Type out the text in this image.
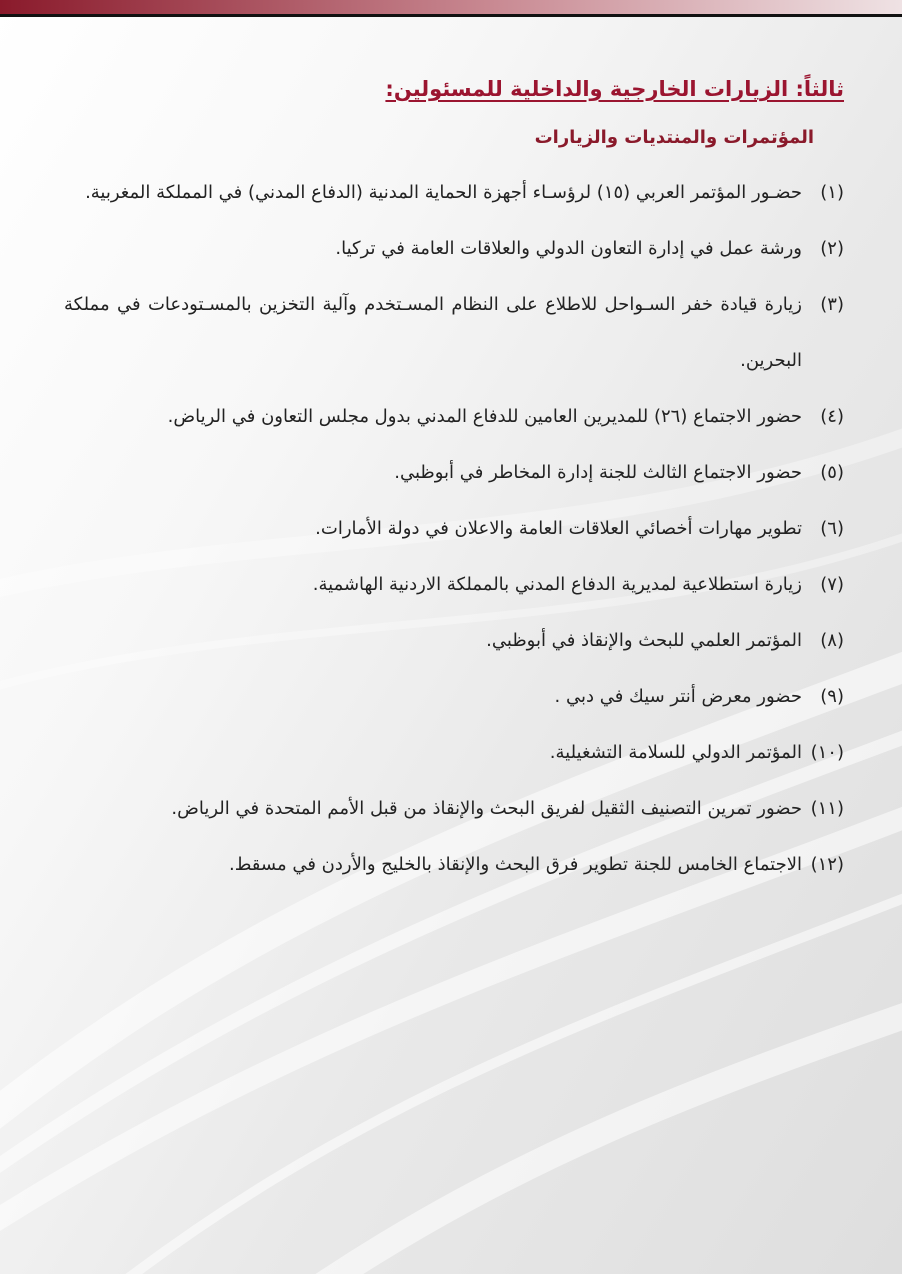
ثالثاً: الزيارات الخارجية والداخلية للمسئولين:
المؤتمرات والمنتديات والزيارات
(١)
حضـور المؤتمر العربي (١٥) لرؤسـاء أجهزة الحماية المدنية (الدفاع المدني) في المملكة المغربية.
(٢)
ورشة عمل في إدارة التعاون الدولي والعلاقات العامة في تركيا.
(٣)
زيارة قيادة خفر السـواحل للاطلاع على النظام المسـتخدم وآلية التخزين بالمسـتودعات في مملكة البحرين.
(٤)
حضور الاجتماع (٢٦) للمديرين العامين للدفاع المدني بدول مجلس التعاون في الرياض.
(٥)
حضور الاجتماع الثالث للجنة إدارة المخاطر في أبوظبي.
(٦)
تطوير مهارات أخصائي العلاقات العامة والاعلان في دولة الأمارات.
(٧)
زيارة استطلاعية لمديرية الدفاع المدني بالمملكة الاردنية الهاشمية.
(٨)
المؤتمر العلمي للبحث والإنقاذ في أبوظبي.
(٩)
حضور معرض أنتر سيك في دبي .
(١٠)
المؤتمر الدولي للسلامة التشغيلية.
(١١)
حضور تمرين التصنيف الثقيل لفريق البحث والإنقاذ من قبل الأمم المتحدة في الرياض.
(١٢)
الاجتماع الخامس للجنة تطوير فرق البحث والإنقاذ بالخليج والأردن في مسقط.
